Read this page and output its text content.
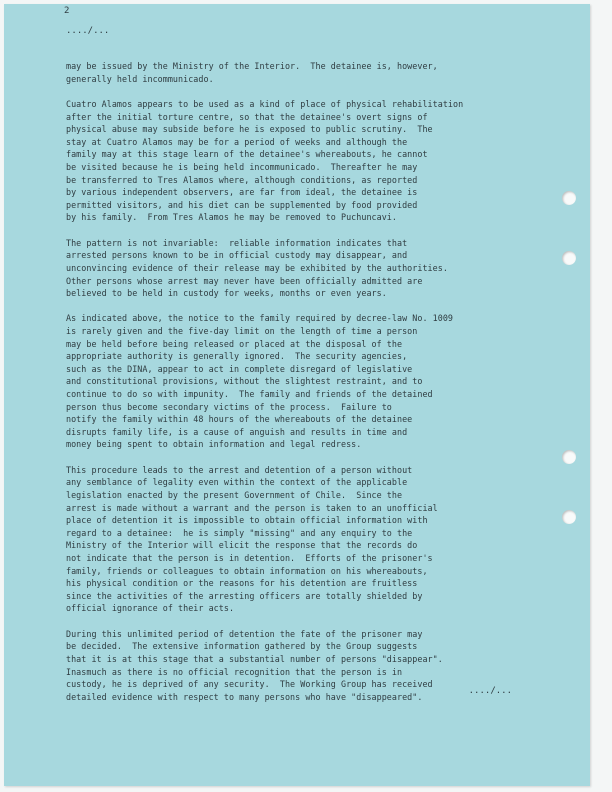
2
..../...
may be issued by the Ministry of the Interior.  The detainee is, however,
generally held incommunicado.
Cuatro Alamos appears to be used as a kind of place of physical rehabilitation
after the initial torture centre, so that the detainee's overt signs of
physical abuse may subside before he is exposed to public scrutiny.  The
stay at Cuatro Alamos may be for a period of weeks and although the
family may at this stage learn of the detainee's whereabouts, he cannot
be visited because he is being held incommunicado.  Thereafter he may
be transferred to Tres Alamos where, although conditions, as reported
by various independent observers, are far from ideal, the detainee is
permitted visitors, and his diet can be supplemented by food provided
by his family.  From Tres Alamos he may be removed to Puchuncavi.
The pattern is not invariable:  reliable information indicates that
arrested persons known to be in official custody may disappear, and
unconvincing evidence of their release may be exhibited by the authorities.
Other persons whose arrest may never have been officially admitted are
believed to be held in custody for weeks, months or even years.
As indicated above, the notice to the family required by decree-law No. 1009
is rarely given and the five-day limit on the length of time a person
may be held before being released or placed at the disposal of the
appropriate authority is generally ignored.  The security agencies,
such as the DINA, appear to act in complete disregard of legislative
and constitutional provisions, without the slightest restraint, and to
continue to do so with impunity.  The family and friends of the detained
person thus become secondary victims of the process.  Failure to
notify the family within 48 hours of the whereabouts of the detainee
disrupts family life, is a cause of anguish and results in time and
money being spent to obtain information and legal redress.
This procedure leads to the arrest and detention of a person without
any semblance of legality even within the context of the applicable
legislation enacted by the present Government of Chile.  Since the
arrest is made without a warrant and the person is taken to an unofficial
place of detention it is impossible to obtain official information with
regard to a detainee:  he is simply "missing" and any enquiry to the
Ministry of the Interior will elicit the response that the records do
not indicate that the person is in detention.  Efforts of the prisoner's
family, friends or colleagues to obtain information on his whereabouts,
his physical condition or the reasons for his detention are fruitless
since the activities of the arresting officers are totally shielded by
official ignorance of their acts.
During this unlimited period of detention the fate of the prisoner may
be decided.  The extensive information gathered by the Group suggests
that it is at this stage that a substantial number of persons "disappear".
Inasmuch as there is no official recognition that the person is in
custody, he is deprived of any security.  The Working Group has received
detailed evidence with respect to many persons who have "disappeared".
..../...
